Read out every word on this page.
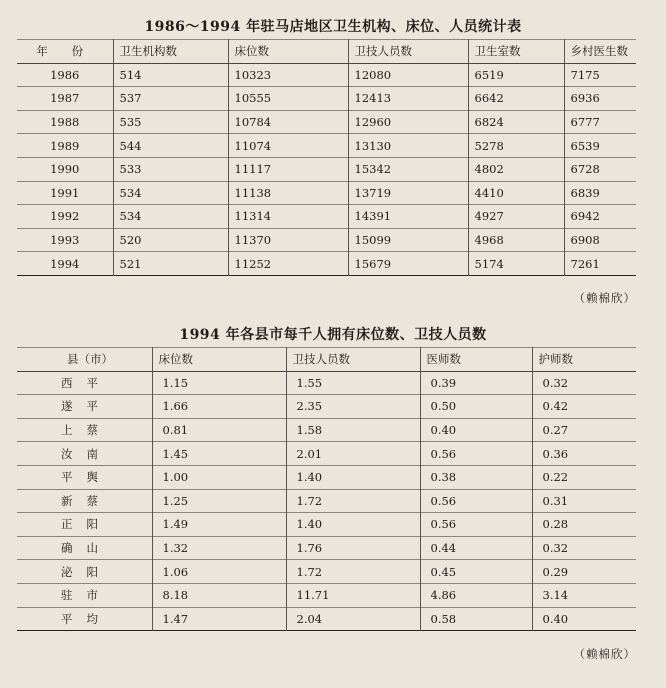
1986～1994 年驻马店地区卫生机构、床位、人员统计表
年 份	卫生机构数	床位数	卫技人员数	卫生室数	乡村医生数
1986	514	10323	12080	6519	7175
1987	537	10555	12413	6642	6936
1988	535	10784	12960	6824	6777
1989	544	11074	13130	5278	6539
1990	533	11117	15342	4802	6728
1991	534	11138	13719	4410	6839
1992	534	11314	14391	4927	6942
1993	520	11370	15099	4968	6908
1994	521	11252	15679	5174	7261
（赖棉欣）
1994 年各县市每千人拥有床位数、卫技人员数
县（市）	床位数	卫技人员数	医师数	护师数
西平	1.15	1.55	0.39	0.32
遂平	1.66	2.35	0.50	0.42
上蔡	0.81	1.58	0.40	0.27
汝南	1.45	2.01	0.56	0.36
平舆	1.00	1.40	0.38	0.22
新蔡	1.25	1.72	0.56	0.31
正阳	1.49	1.40	0.56	0.28
确山	1.32	1.76	0.44	0.32
泌阳	1.06	1.72	0.45	0.29
驻市	8.18	11.71	4.86	3.14
平均	1.47	2.04	0.58	0.40
（赖棉欣）
